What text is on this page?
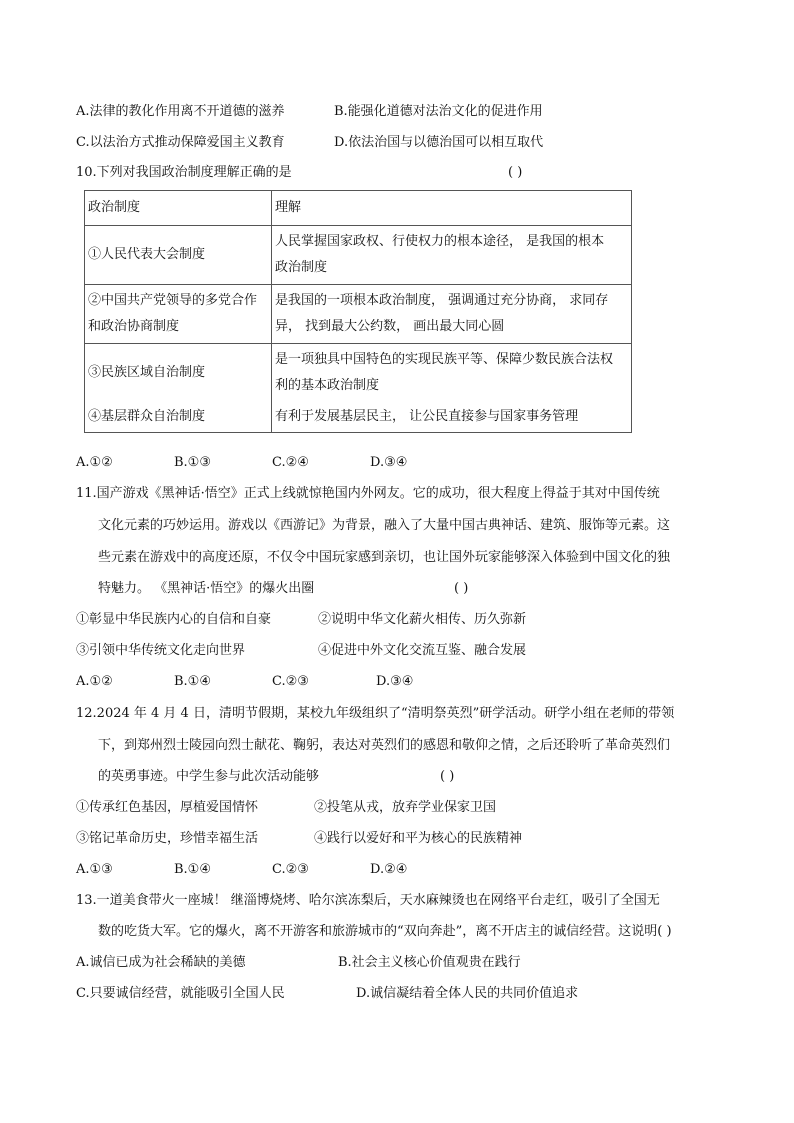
A.法律的教化作用离不开道德的滋养	B.能强化道德对法治文化的促进作用
C.以法治方式推动保障爱国主义教育	D.依法治国与以德治国可以相互取代
10.下列对我国政治制度理解正确的是	( )
政治制度	理解
①人民代表大会制度	人民掌握国家政权、行使权力的根本途径， 是我国的根本
政治制度
②中国共产党领导的多党合作
和政治协商制度	是我国的一项根本政治制度， 强调通过充分协商， 求同存
异， 找到最大公约数， 画出最大同心圆
③民族区域自治制度	是一项独具中国特色的实现民族平等、保障少数民族合法权
利的基本政治制度
④基层群众自治制度	有利于发展基层民主， 让公民直接参与国家事务管理
A.①②	B.①③	C.②④	D.③④
11.国产游戏《黑神话·悟空》正式上线就惊艳国内外网友。它的成功，很大程度上得益于其对中国传统
文化元素的巧妙运用。游戏以《西游记》为背景，融入了大量中国古典神话、建筑、服饰等元素。这
些元素在游戏中的高度还原，不仅令中国玩家感到亲切，也让国外玩家能够深入体验到中国文化的独
特魅力。 《黑神话·悟空》的爆火出圈	( )
①彰显中华民族内心的自信和自豪	②说明中华文化薪火相传、历久弥新
③引领中华传统文化走向世界	④促进中外文化交流互鉴、融合发展
A.①②	B.①④	C.②③	D.③④
12.2024 年 4 月 4 日，清明节假期，某校九年级组织了“清明祭英烈”研学活动。研学小组在老师的带领
下，到郑州烈士陵园向烈士献花、鞠躬，表达对英烈们的感恩和敬仰之情，之后还聆听了革命英烈们
的英勇事迹。中学生参与此次活动能够	( )
①传承红色基因，厚植爱国情怀	②投笔从戎，放弃学业保家卫国
③铭记革命历史，珍惜幸福生活	④践行以爱好和平为核心的民族精神
A.①③	B.①④	C.②③	D.②④
13.一道美食带火一座城！ 继淄博烧烤、哈尔滨冻梨后，天水麻辣烫也在网络平台走红，吸引了全国无
数的吃货大军。它的爆火，离不开游客和旅游城市的“双向奔赴”，离不开店主的诚信经营。这说明( )
A.诚信已成为社会稀缺的美德	B.社会主义核心价值观贵在践行
C.只要诚信经营，就能吸引全国人民	D.诚信凝结着全体人民的共同价值追求
